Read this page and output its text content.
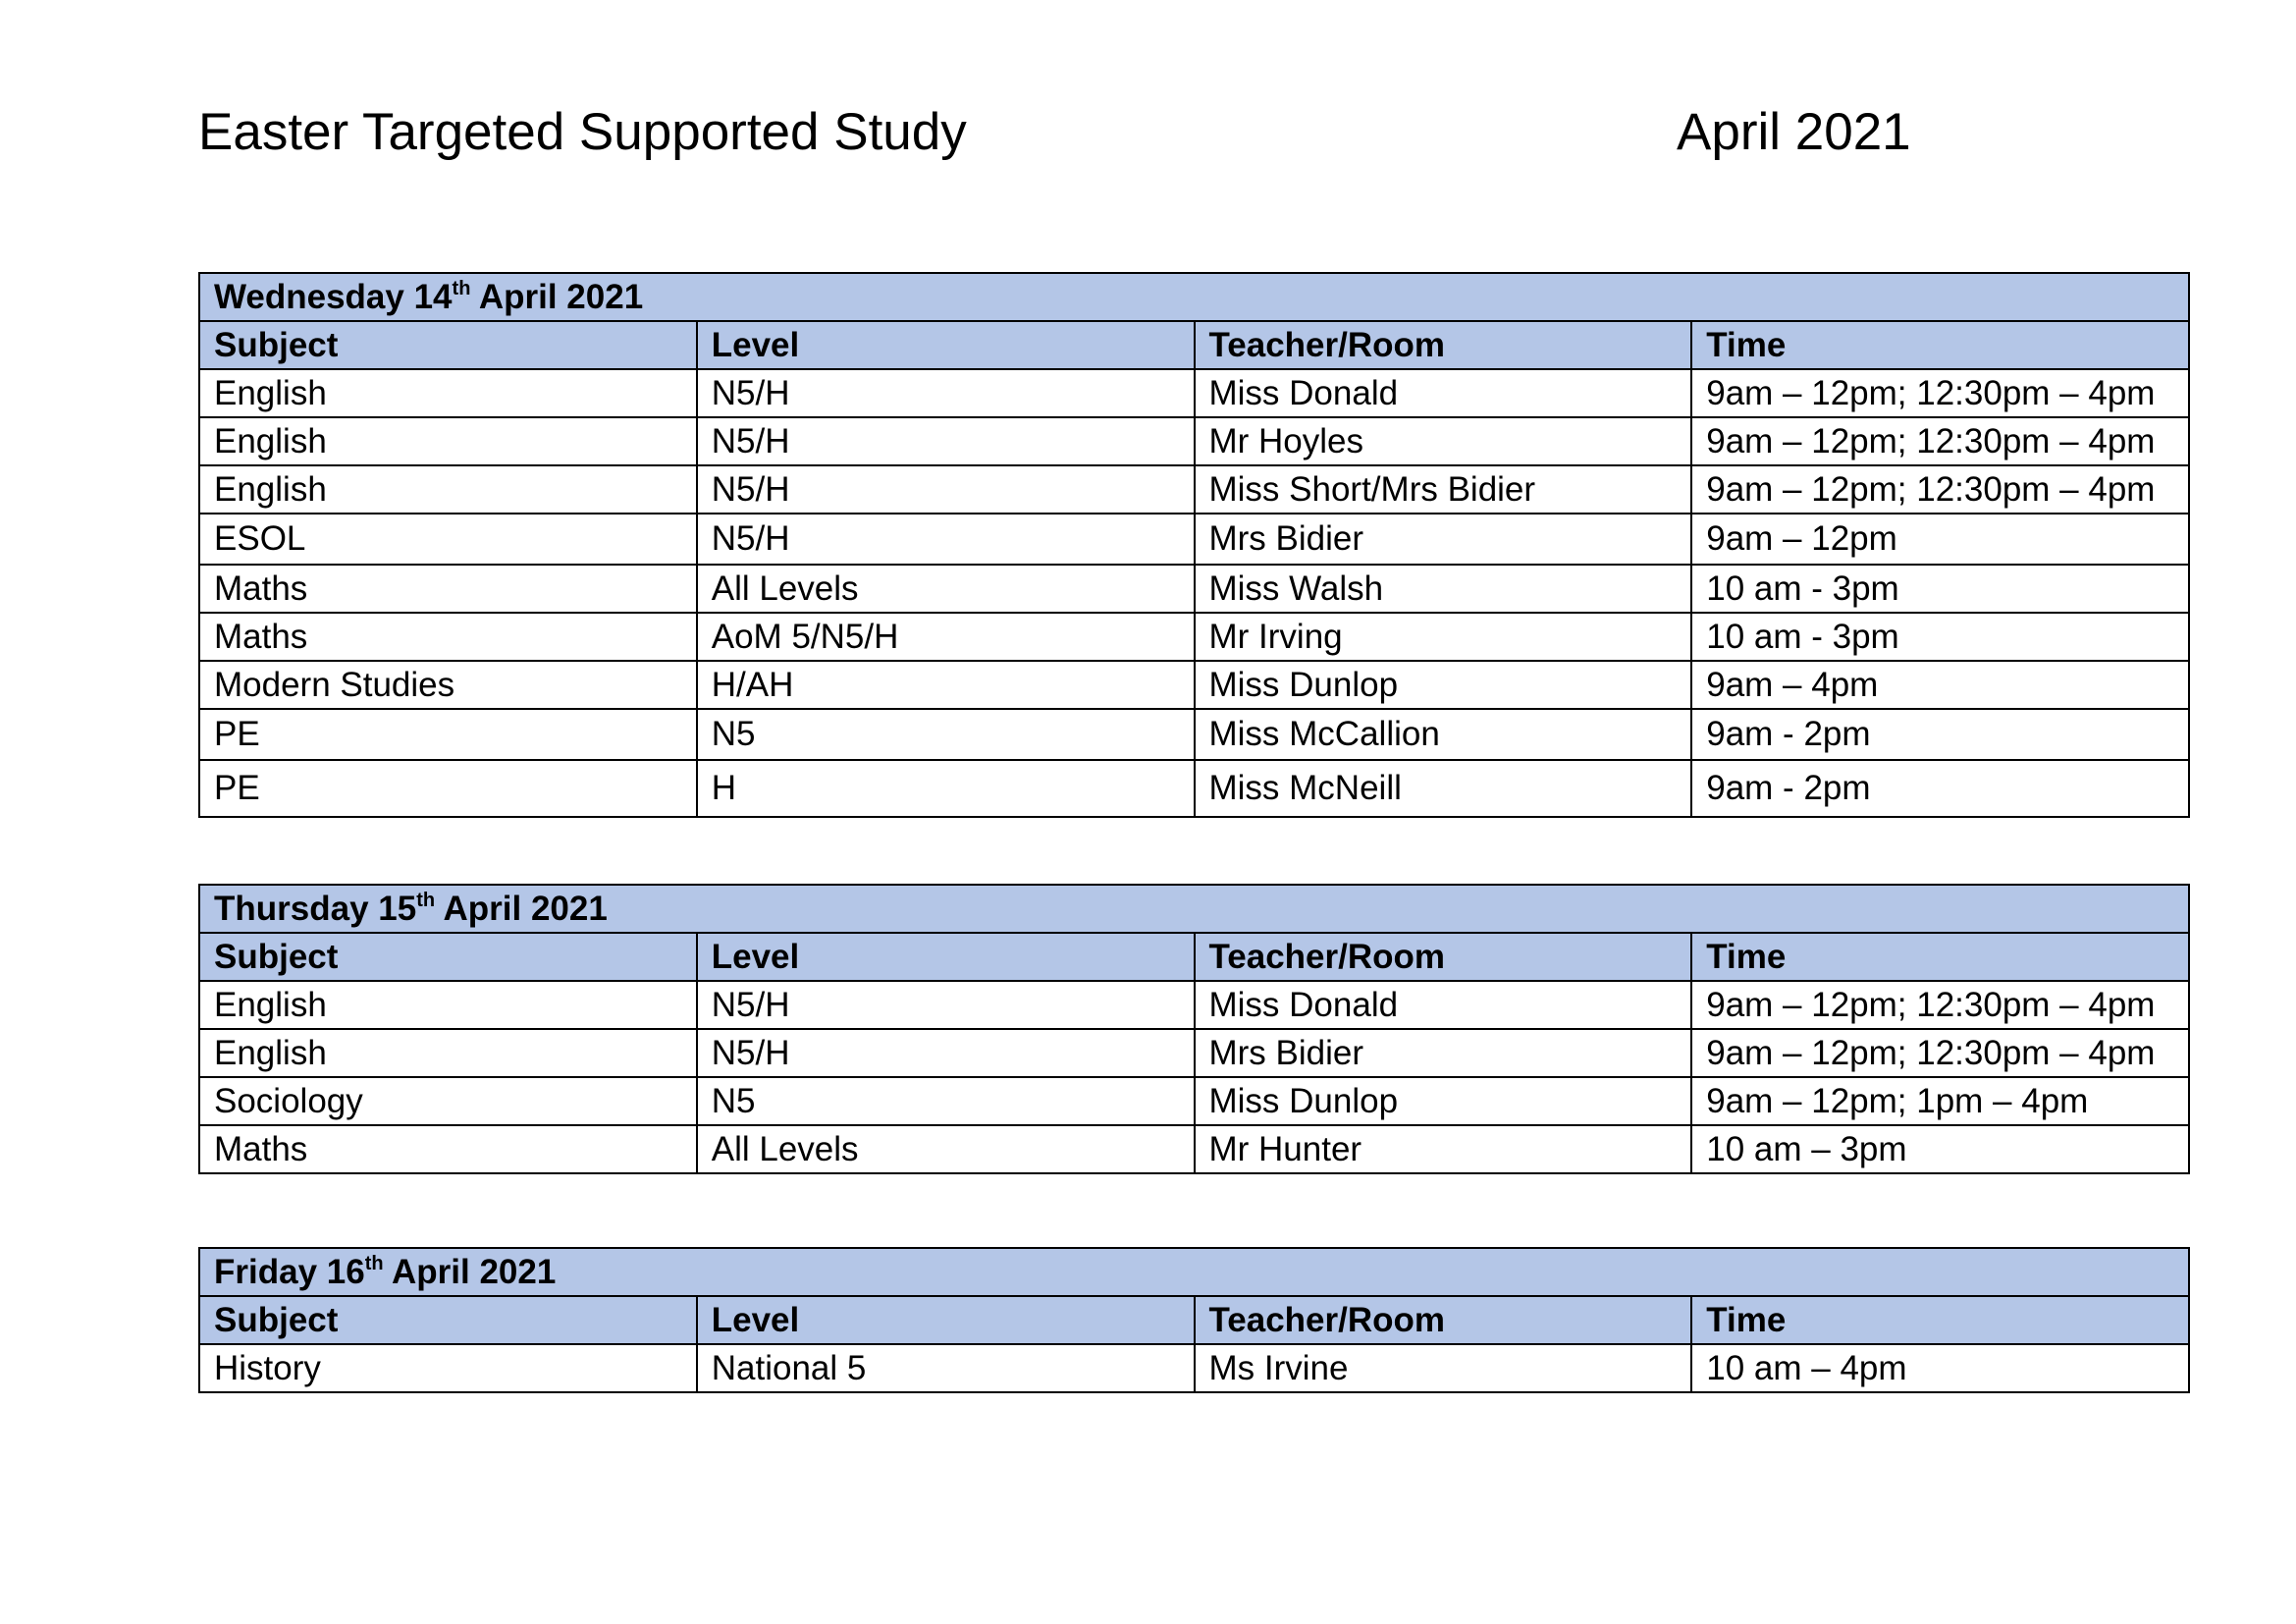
Easter Targeted Supported Study	April 2021
Wednesday 14th April 2021			
Subject	Level	Teacher/Room	Time
English	N5/H	Miss Donald	9am – 12pm; 12:30pm – 4pm
English	N5/H	Mr Hoyles	9am – 12pm; 12:30pm – 4pm
English	N5/H	Miss Short/Mrs Bidier	9am – 12pm; 12:30pm – 4pm
ESOL	N5/H	Mrs Bidier	9am – 12pm
Maths	All Levels	Miss Walsh	10 am - 3pm
Maths	AoM 5/N5/H	Mr Irving	10 am - 3pm
Modern Studies	H/AH	Miss Dunlop	9am – 4pm
PE	N5	Miss McCallion	9am - 2pm
PE	H	Miss McNeill	9am - 2pm
Thursday 15th April 2021			
Subject	Level	Teacher/Room	Time
English	N5/H	Miss Donald	9am – 12pm; 12:30pm – 4pm
English	N5/H	Mrs Bidier	9am – 12pm; 12:30pm – 4pm
Sociology	N5	Miss Dunlop	9am – 12pm; 1pm – 4pm
Maths	All Levels	Mr Hunter	10 am – 3pm
Friday 16th April 2021			
Subject	Level	Teacher/Room	Time
History	National 5	Ms Irvine	10 am – 4pm
